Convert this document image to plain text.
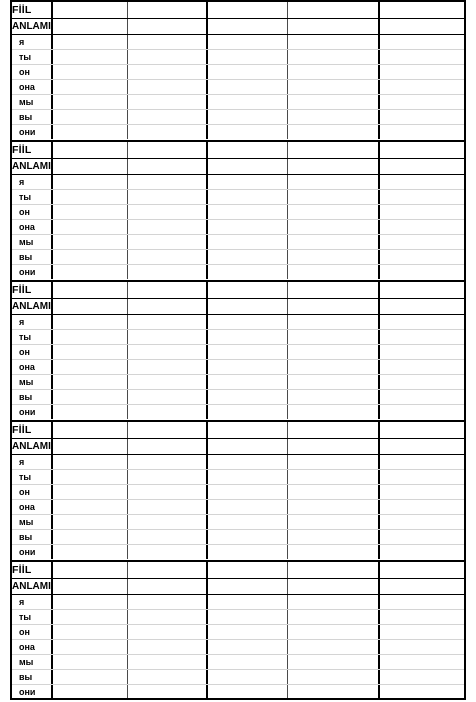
FİİL
ANLAMI
я
ты
он
она
мы
вы
они
FİİL
ANLAMI
я
ты
он
она
мы
вы
они
FİİL
ANLAMI
я
ты
он
она
мы
вы
они
FİİL
ANLAMI
я
ты
он
она
мы
вы
они
FİİL
ANLAMI
я
ты
он
она
мы
вы
они
